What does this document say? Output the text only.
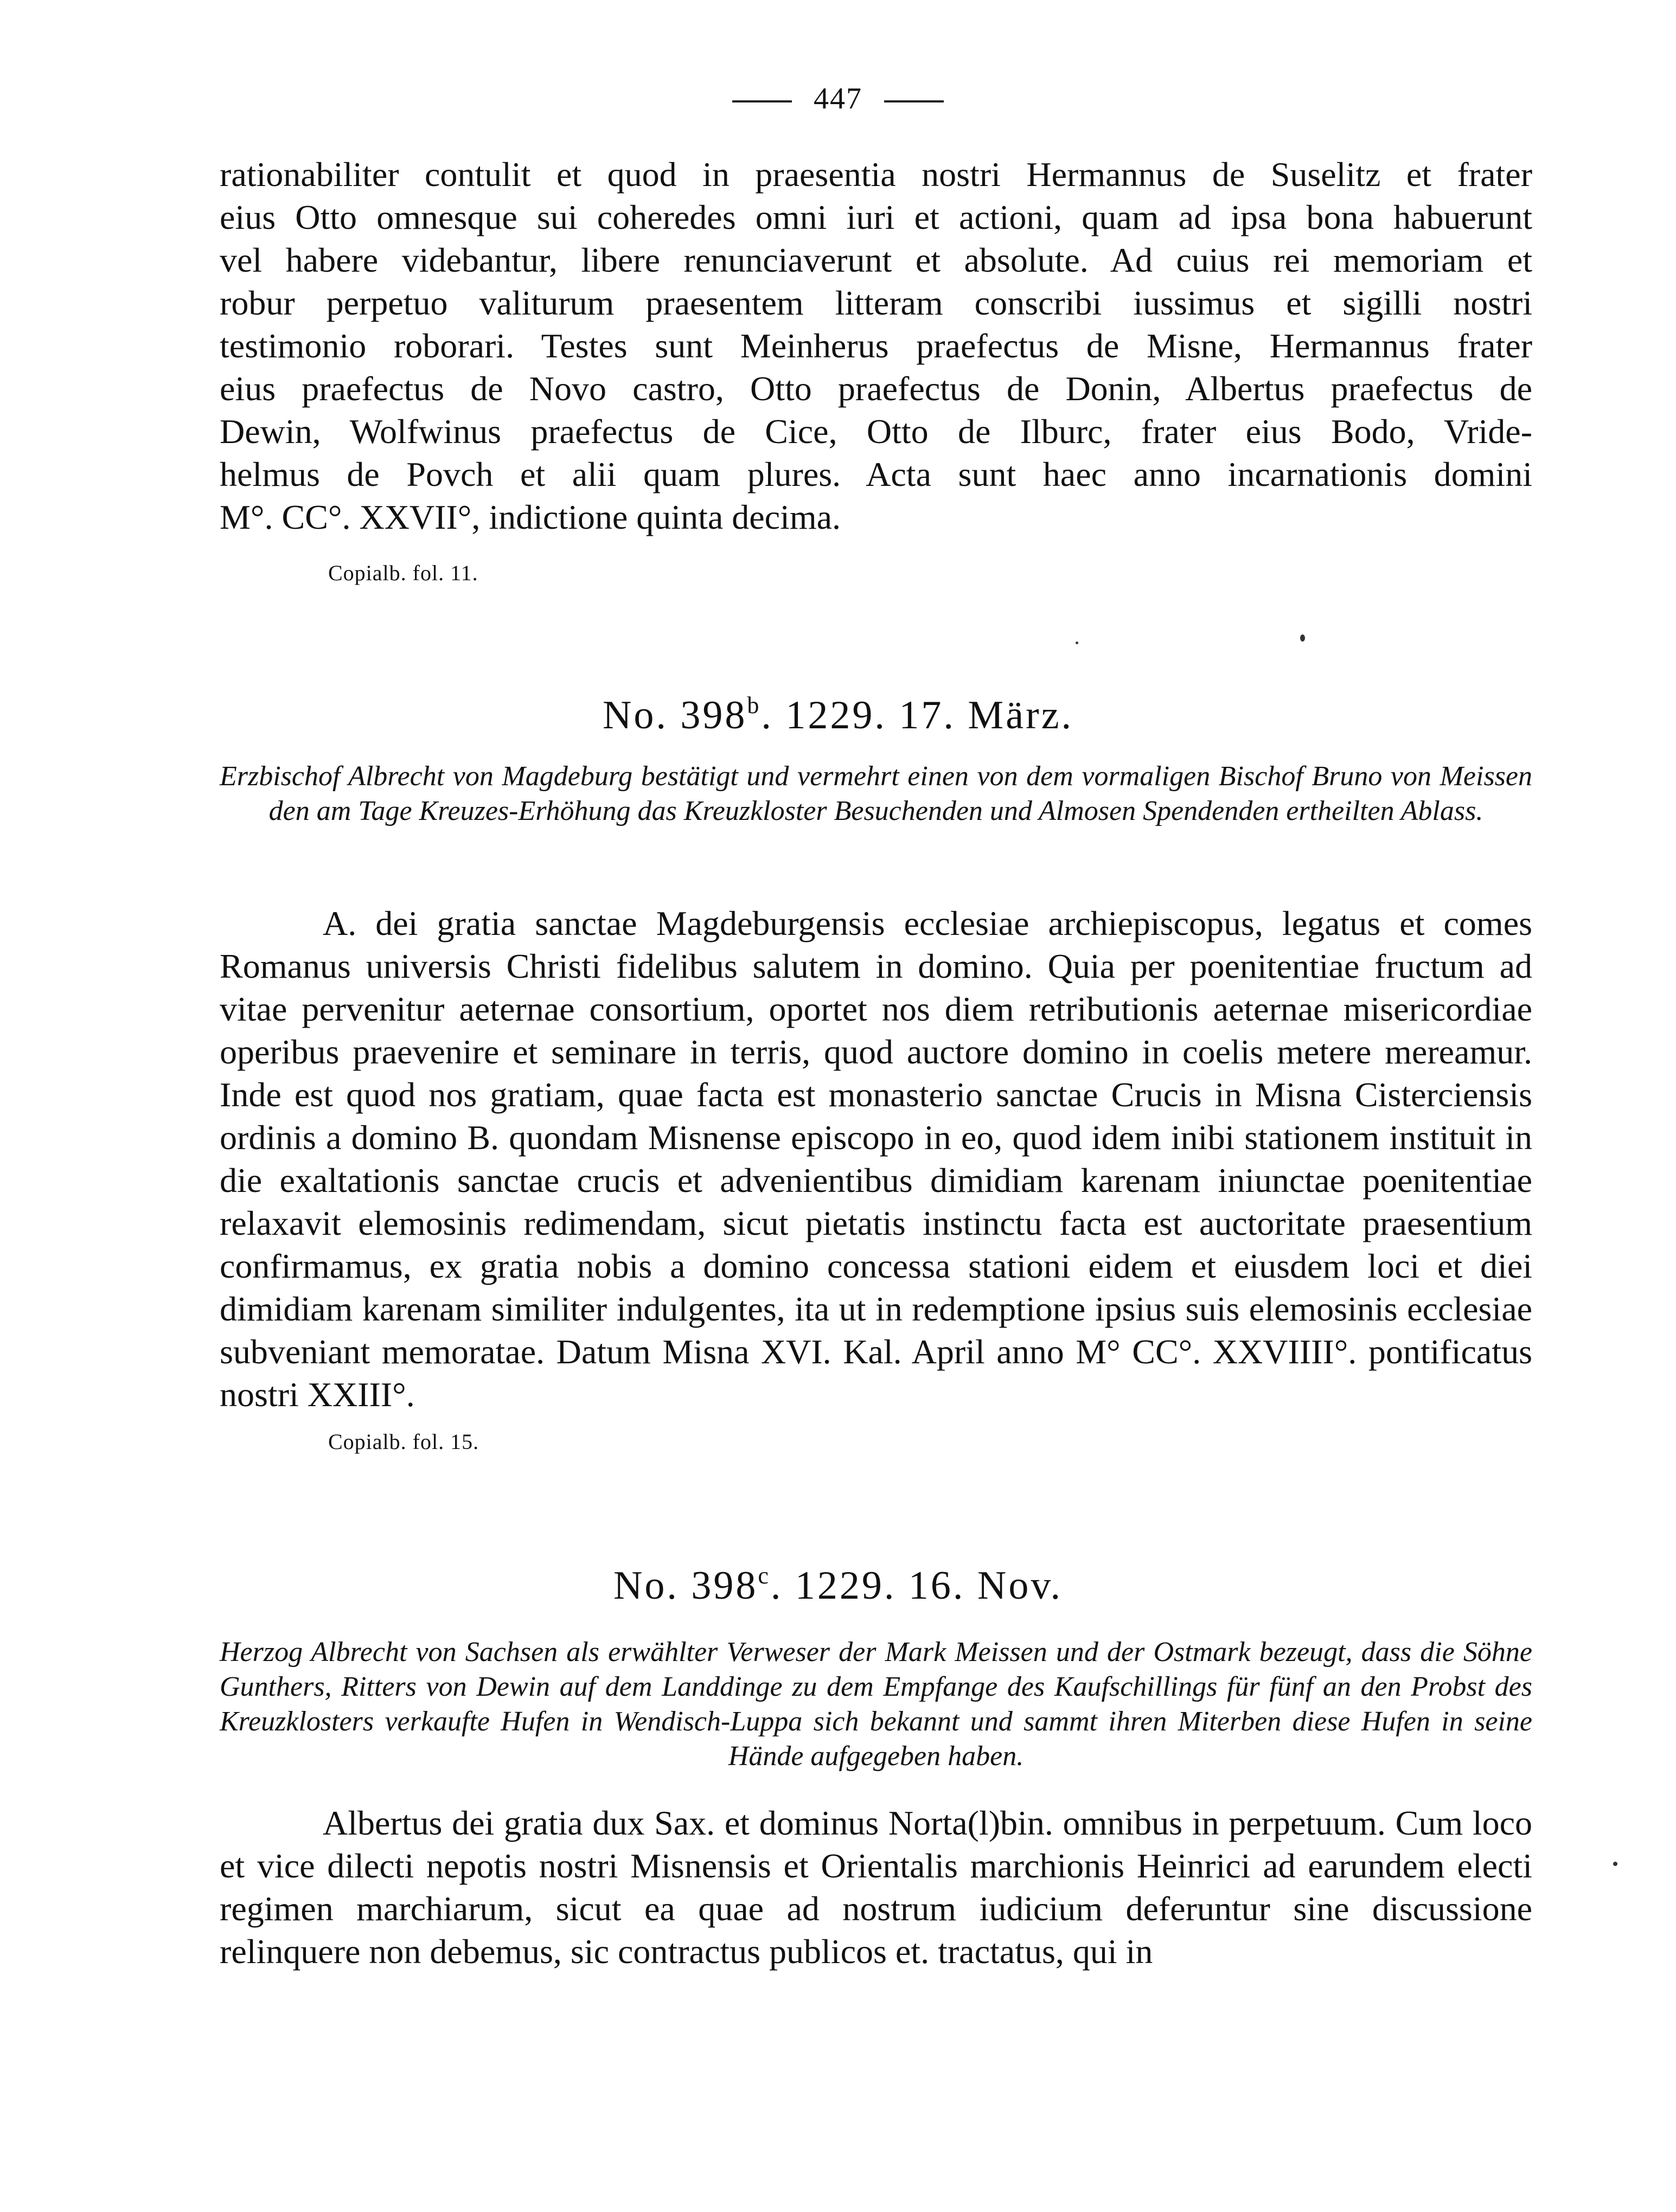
447

rationabiliter contulit et quod in praesentia nostri Hermannus de Suselitz et frater

eius Otto omnesque sui coheredes omni iuri et actioni, quam ad ipsa bona habuerunt

vel habere videbantur, libere renunciaverunt et absolute. Ad cuius rei memoriam et

robur perpetuo valiturum praesentem litteram conscribi iussimus et sigilli nostri

testimonio roborari. Testes sunt Meinherus praefectus de Misne, Hermannus frater

eius praefectus de Novo castro, Otto praefectus de Donin, Albertus praefectus de

Dewin, Wolfwinus praefectus de Cice, Otto de Ilburc, frater eius Bodo, Vride-

helmus de Povch et alii quam plures. Acta sunt haec anno incarnationis domini

M°. CC°. XXVII°, indictione quinta decima.

Copialb. fol. 11.
No. 398$^b$. 1229. 17. März.
Erzbischof Albrecht von Magdeburg bestätigt und vermehrt einen von dem vormaligen Bischof Bruno von Meissen den am Tage Kreuzes-Erhöhung das Kreuzkloster Besuchenden und Almosen Spendenden ertheilten Ablass.

A. dei gratia sanctae Magdeburgensis ecclesiae archiepiscopus, legatus et comes Romanus universis Christi fidelibus salutem in domino. Quia per poenitentiae fructum ad vitae pervenitur aeternae consortium, oportet nos diem retributionis aeternae misericordiae operibus praevenire et seminare in terris, quod auctore domino in coelis metere mereamur. Inde est quod nos gratiam, quae facta est monasterio sanctae Crucis in Misna Cisterciensis ordinis a domino B. quondam Misnense episcopo in eo, quod idem inibi stationem instituit in die exaltationis sanctae crucis et advenientibus dimidiam karenam iniunctae poenitentiae relaxavit elemosinis redimendam, sicut pietatis instinctu facta est auctoritate praesentium confirmamus, ex gratia nobis a domino concessa stationi eidem et eiusdem loci et diei dimidiam karenam similiter indulgentes, ita ut in redemptione ipsius suis elemosinis ecclesiae subveniant memoratae. Datum Misna XVI. Kal. April anno M° CC°. XXVIIII°. pontificatus nostri XXIII°.

Copialb. fol. 15.
No. 398$^c$. 1229. 16. Nov.
Herzog Albrecht von Sachsen als erwählter Verweser der Mark Meissen und der Ostmark bezeugt, dass die Söhne Gunthers, Ritters von Dewin auf dem Landdinge zu dem Empfange des Kaufschillings für fünf an den Probst des Kreuzklosters verkaufte Hufen in Wendisch-Luppa sich bekannt und sammt ihren Miterben diese Hufen in seine Hände aufgegeben haben.

Albertus dei gratia dux Sax. et dominus Norta(l)bin. omnibus in perpetuum. Cum loco et vice dilecti nepotis nostri Misnensis et Orientalis marchionis Heinrici ad earundem electi regimen marchiarum, sicut ea quae ad nostrum iudicium deferuntur sine discussione relinquere non debemus, sic contractus publicos et. tractatus, qui in
